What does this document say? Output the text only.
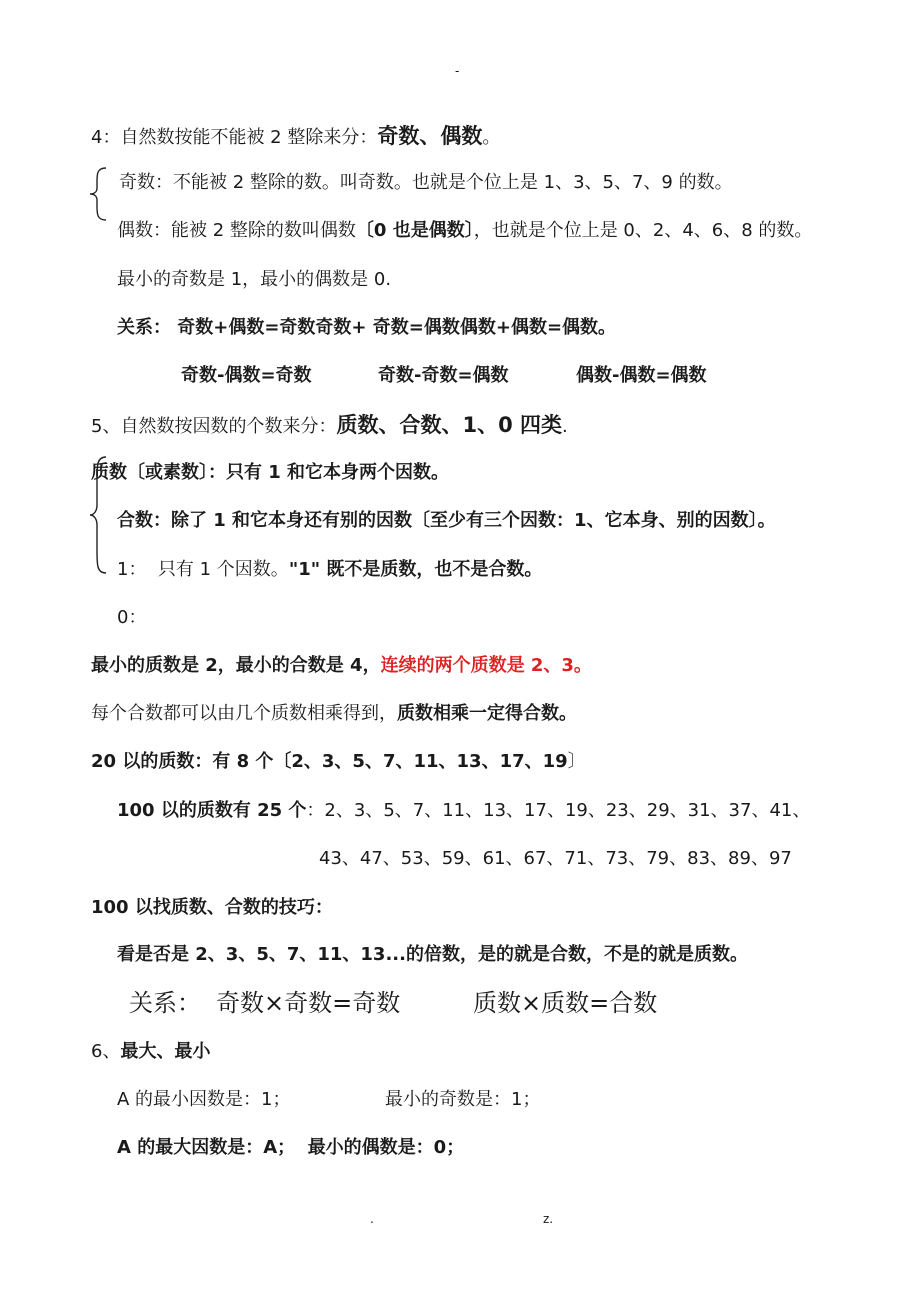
-
.	z.
4：自然数按能不能被 2 整除来分：奇数、偶数。
奇数：不能被 2 整除的数。叫奇数。也就是个位上是 1、3、5、7、9 的数。
偶数：能被 2 整除的数叫偶数〔0 也是偶数〕，也就是个位上是 0、2、4、6、8 的数。
最小的奇数是 1，最小的偶数是 0.
关系： 奇数+偶数=奇数奇数+ 奇数=偶数偶数+偶数=偶数。
奇数-偶数=奇数	奇数-奇数=偶数	偶数-偶数=偶数
5、自然数按因数的个数来分：质数、合数、1、0 四类.
质数〔或素数〕：只有 1 和它本身两个因数。
合数：除了 1 和它本身还有别的因数〔至少有三个因数：1、它本身、别的因数〕。
1： 只有 1 个因数。"1" 既不是质数，也不是合数。
0：
最小的质数是 2，最小的合数是 4，连续的两个质数是 2、3。
每个合数都可以由几个质数相乘得到，质数相乘一定得合数。
20 以的质数：有 8 个〔2、3、5、7、11、13、17、19〕
100 以的质数有 25 个：2、3、5、7、11、13、17、19、23、29、31、37、41、
43、47、53、59、61、67、71、73、79、83、89、97
100 以找质数、合数的技巧：
看是否是 2、3、5、7、11、13...的倍数，是的就是合数，不是的就是质数。
关系： 奇数×奇数=奇数	质数×质数=合数
6、最大、最小
A 的最小因数是：1；	最小的奇数是：1；
A 的最大因数是：A； 最小的偶数是：0；
